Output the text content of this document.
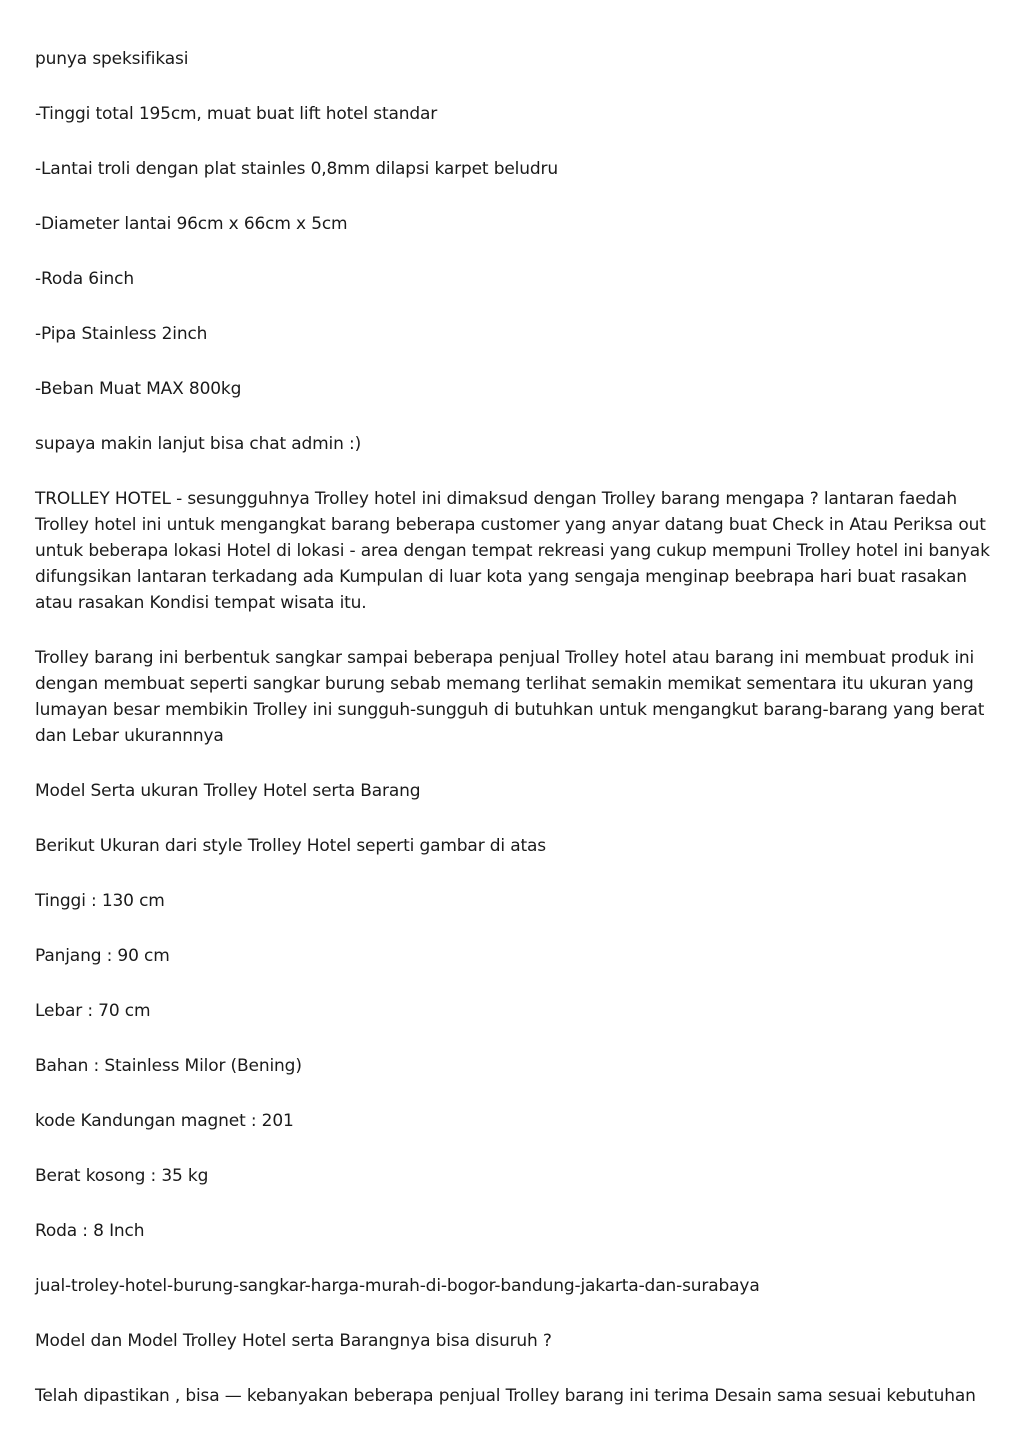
punya speksifikasi

-Tinggi total 195cm, muat buat lift hotel standar

-Lantai troli dengan plat stainles 0,8mm dilapsi karpet beludru

-Diameter lantai 96cm x 66cm x 5cm

-Roda 6inch

-Pipa Stainless 2inch

-Beban Muat MAX 800kg

supaya makin lanjut bisa chat admin :)

TROLLEY HOTEL - sesungguhnya Trolley hotel ini dimaksud dengan Trolley barang mengapa ? lantaran faedah Trolley hotel ini untuk mengangkat barang beberapa customer yang anyar datang buat Check in Atau Periksa out untuk beberapa lokasi Hotel di lokasi - area dengan tempat rekreasi yang cukup mempuni Trolley hotel ini banyak difungsikan lantaran terkadang ada Kumpulan di luar kota yang sengaja menginap beebrapa hari buat rasakan atau rasakan Kondisi tempat wisata itu.

Trolley barang ini berbentuk sangkar sampai beberapa penjual Trolley hotel atau barang ini membuat produk ini dengan membuat seperti sangkar burung sebab memang terlihat semakin memikat sementara itu ukuran yang lumayan besar membikin Trolley ini sungguh-sungguh di butuhkan untuk mengangkut barang-barang yang berat dan Lebar ukurannnya

Model Serta ukuran Trolley Hotel serta Barang

Berikut Ukuran dari style Trolley Hotel seperti gambar di atas

Tinggi : 130 cm

Panjang : 90 cm

Lebar : 70 cm

Bahan : Stainless Milor (Bening)

kode Kandungan magnet : 201

Berat kosong : 35 kg

Roda : 8 Inch

jual-troley-hotel-burung-sangkar-harga-murah-di-bogor-bandung-jakarta-dan-surabaya

Model dan Model Trolley Hotel serta Barangnya bisa disuruh ?

Telah dipastikan , bisa — kebanyakan beberapa penjual Trolley barang ini terima Desain sama sesuai kebutuhan
